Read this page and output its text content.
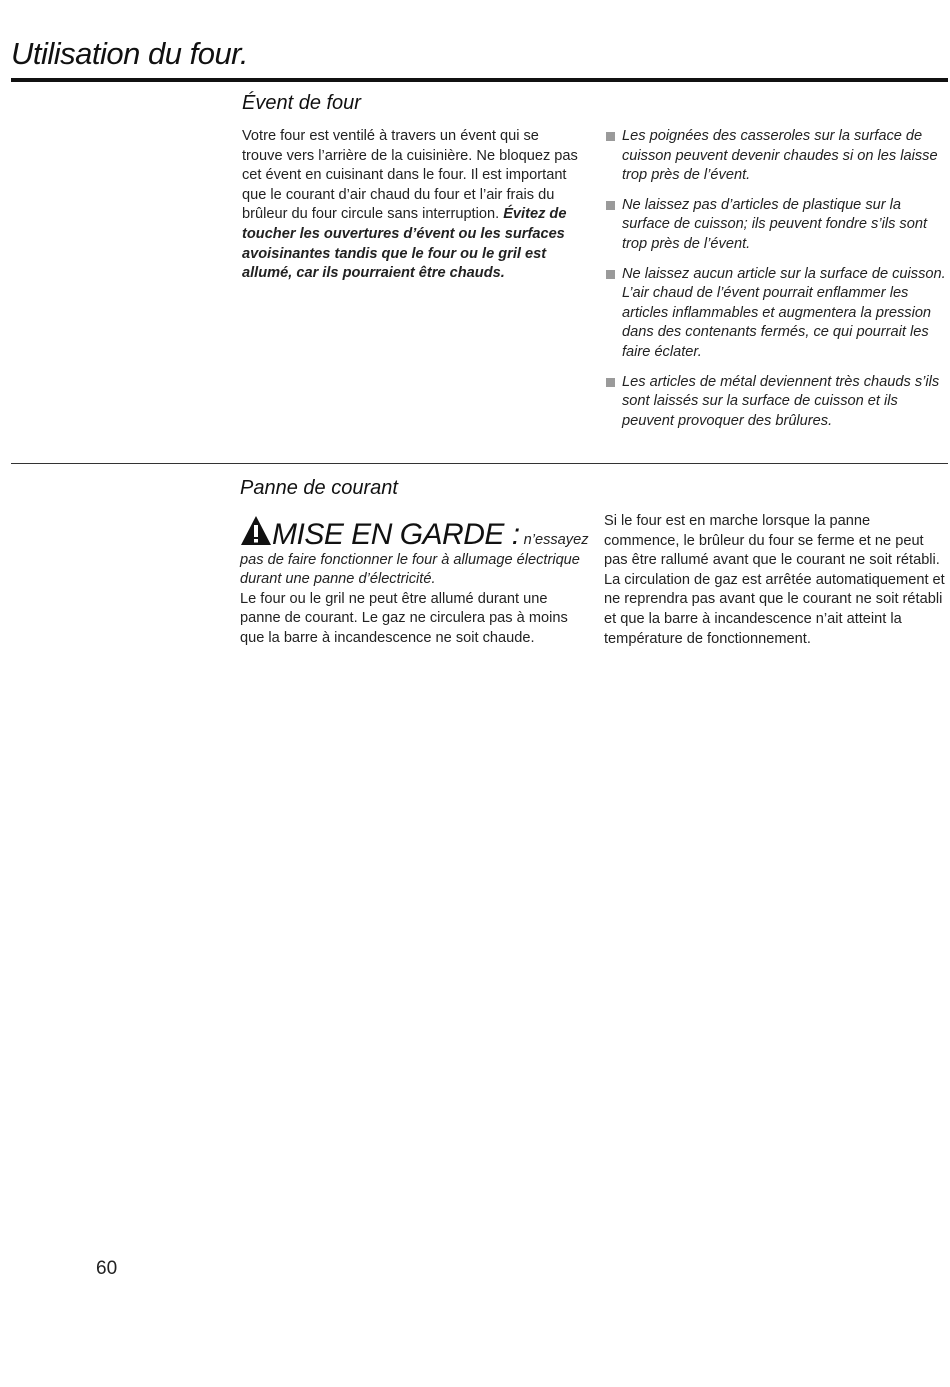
Utilisation du four.
Évent de four
Votre four est ventilé à travers un évent qui se trouve vers l’arrière de la cuisinière. Ne bloquez pas cet évent en cuisinant dans le four. Il est important que le courant d’air chaud du four et l’air frais du brûleur du four circule sans interruption. Évitez de toucher les ouvertures d’évent ou les surfaces avoisinantes tandis que le four ou le gril est allumé, car ils pourraient être chauds.
Les poignées des casseroles sur la surface de cuisson peuvent devenir chaudes si on les laisse trop près de l’évent.
Ne laissez pas d’articles de plastique sur la surface de cuisson; ils peuvent fondre s’ils sont trop près de l’évent.
Ne laissez aucun article sur la surface de cuisson. L’air chaud de l’évent pourrait enflammer les articles inflammables et augmentera la pression dans des contenants fermés, ce qui pourrait les faire éclater.
Les articles de métal deviennent très chauds s’ils sont laissés sur la surface de cuisson et ils peuvent provoquer des brûlures.
Panne de courant
MISE EN GARDE : n’essayez
pas de faire fonctionner le four à allumage électrique durant une panne d’électricité.
Le four ou le gril ne peut être allumé durant une panne de courant. Le gaz ne circulera pas à moins que la barre à incandescence ne soit chaude.
Si le four est en marche lorsque la panne commence, le brûleur du four se ferme et ne peut pas être rallumé avant que le courant ne soit rétabli. La circulation de gaz est arrêtée automatiquement et ne reprendra pas avant que le courant ne soit rétabli et que la barre à incandescence n’ait atteint la température de fonctionnement.
60
